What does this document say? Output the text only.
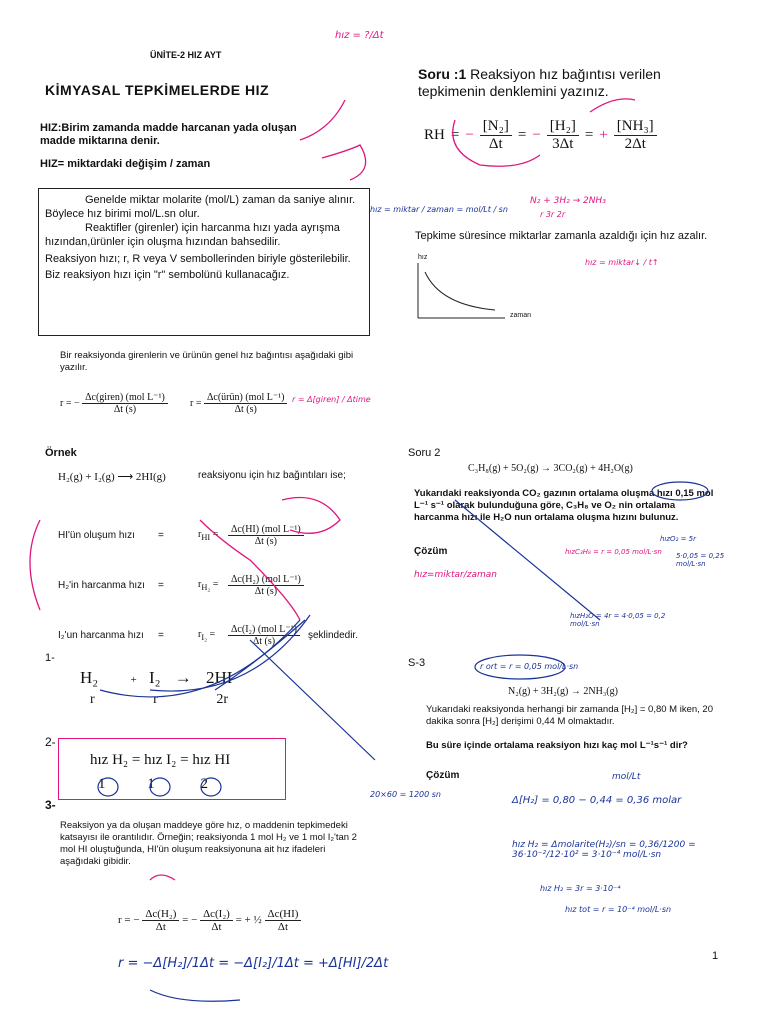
ÜNİTE-2 HIZ AYT
KİMYASAL TEPKİMELERDE HIZ
HIZ:Birim zamanda madde harcanan yada oluşan madde miktarına denir.
HIZ= miktardaki değişim / zaman
Genelde miktar molarite (mol/L) zaman da saniye alınır. Böylece hız birimi mol/L.sn olur.
Reaktifler (girenler) için harcanma hızı yada ayrışma hızından,ürünler için oluşma hızından bahsedilir.
Reaksiyon hızı; r, R veya V sembollerinden biriyle gösterilebilir. Biz reaksiyon hızı için "r" sembolünü kullanacağız.
Bir reaksiyonda girenlerin ve ürünün genel hız bağıntısı aşağıdaki gibi yazılır.
r = − $\frac{\text{Δc(giren) (mol L⁻¹)}}{\Delta t (s)}$ $r = \frac{\text{Δc(ürün) (mol L⁻¹)}}{\Delta t (s)}$
Örnek
H₂(g) + I₂(g) ⟶ 2HI(g)	reaksiyonu için hız bağıntıları ise;
HI'ün oluşum hızı	=	$r_{HI} = \frac{\text{Δc(HI) (mol L⁻¹)}}{\Delta t (s)}$
H₂'in harcanma hızı	=	$r_{H_2} = \frac{\text{Δc(H₂) (mol L⁻¹)}}{\Delta t (s)}$
I₂'un harcanma hızı	=	$r_{I_2}$ =	$\frac{\text{Δc(I₂) (mol L⁻¹)}}{\Delta t (s)}$ şeklindedir.
1-
H₂	+ I₂ → 2HI
r	r	2r
2-
hız H₂ = hız I₂ = hız HI
1	1	2
3-
Reaksiyon ya da oluşan maddeye göre hız, o maddenin tepkimedeki katsayısı ile orantılıdır. Örneğin; reaksiyonda 1 mol H₂ ve 1 mol I₂'tan 2 mol HI oluştuğunda, HI'ün oluşum reaksiyonuna ait hız ifadeleri aşağıdaki gibidir.
r = − $\frac{\text{Δc(H₂)}}{\Delta t}$ = − $\frac{\text{Δc(I₂)}}{\Delta t}$ = + ½ $\frac{\Delta c(HI)}{\Delta t}$
Soru :1 Reaksiyon hız bağıntısı verilen tepkimenin denklemini yazınız.
RH = − $\frac{\text{[N₂]}}{\Delta t}$ = − $\frac{\text{[H₂]}}{3\Delta t}$ = + $\frac{\text{[NH₃]}}{2\Delta t}$
Tepkime süresince miktarlar zamanla azaldığı için hız azalır.
hız
zaman
Soru 2
C₃H₈(g) + 5O₂(g) → 3CO₂(g) + 4H₂O(g)
Yukarıdaki reaksiyonda CO₂ gazının ortalama oluşma hızı 0,15 mol L⁻¹ s⁻¹ olarak bulunduğuna göre, C₃H₈ ve O₂ nin ortalama harcanma hızı ile H₂O nun ortalama oluşma hızını bulunuz.
Çözüm
S-3
N₂(g) + 3H₂(g) → 2NH₃(g)
Yukarıdaki reaksiyonda herhangi bir zamanda [H₂] = 0,80 M iken, 20 dakika sonra [H₂] derişimi 0,44 M olmaktadır.
Bu süre içinde ortalama reaksiyon hızı kaç mol L⁻¹s⁻¹ dir?
Çözüm
hız = ?/Δt
hız = miktar / zaman = mol/Lt / sn
N₂ + 3H₂ → 2NH₃
r 3r 2r
hız = miktar↓ / t↑
r = Δ[giren] / Δtime
hızC₃H₈ = r = 0,05 mol/L·sn
hızO₂ = 5r
5·0,05 = 0,25 mol/L·sn
hızH₂O = 4r = 4·0,05 = 0,2 mol/L·sn
hız=miktar/zaman
r ort = r = 0,05 mol/L·sn
20×60 = 1200 sn
Δ[H₂] = 0,80 − 0,44 = 0,36 molar
hız H₂ = Δmolarite(H₂)/sn = 0,36/1200 = 36·10⁻²/12·10² = 3·10⁻⁴ mol/L·sn
hız H₂ = 3r = 3·10⁻⁴
hız tot = r = 10⁻⁴ mol/L·sn
r = −Δ[H₂]/1Δt = −Δ[I₂]/1Δt = +Δ[HI]/2Δt
mol/Lt
1
